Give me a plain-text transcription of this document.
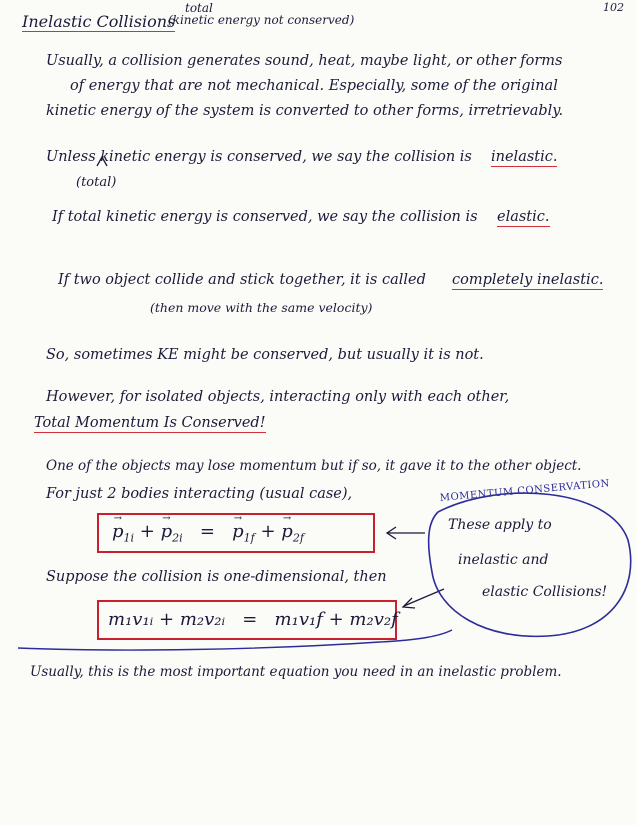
102
Inelastic Collisions
total
(kinetic energy not conserved)
Usually, a collision generates sound, heat, maybe light, or other forms
of energy that are not mechanical. Especially, some of the original
kinetic energy of the system is converted to other forms, irretrievably.
Unless kinetic energy is conserved, we say the collision is inelastic.
(total)
If total kinetic energy is conserved, we say the collision is elastic.
If two object collide and stick together, it is called completely inelastic.
(then move with the same velocity)
So, sometimes KE might be conserved, but usually it is not.
However, for isolated objects, interacting only with each other,
Total Momentum Is Conserved!
One of the objects may lose momentum but if so, it gave it to the other object.
For just 2 bodies interacting (usual case),
→
$p_{1i}$ +
→
$p_{2i}$ =
→
$p_{1f}$ +
→
$p_{2f}$
Suppose the collision is one-dimensional, then
m₁v₁ᵢ + m₂v₂ᵢ = m₁v₁f + m₂v₂f
MOMENTUM CONSERVATION
These apply to
inelastic and
elastic Collisions!
Usually, this is the most important equation you need in an inelastic problem.
